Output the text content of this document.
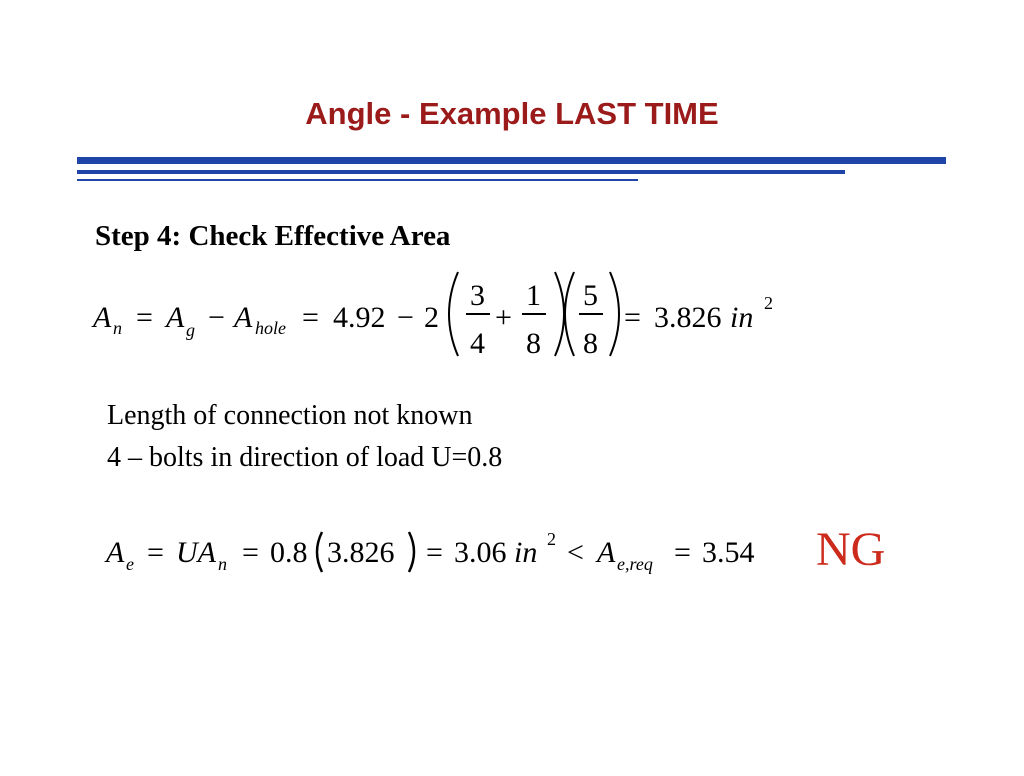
Angle - Example LAST TIME
Step 4: Check Effective Area
A n = A g − A hole = 4.92 − 2
3
4
+
1
8
5
8
= 3.826 in 2
Length of connection not known
4 – bolts in direction of load U=0.8
A e = UA n = 0.8 3.826 = 3.06 in 2 < A e,req = 3.54 NG
